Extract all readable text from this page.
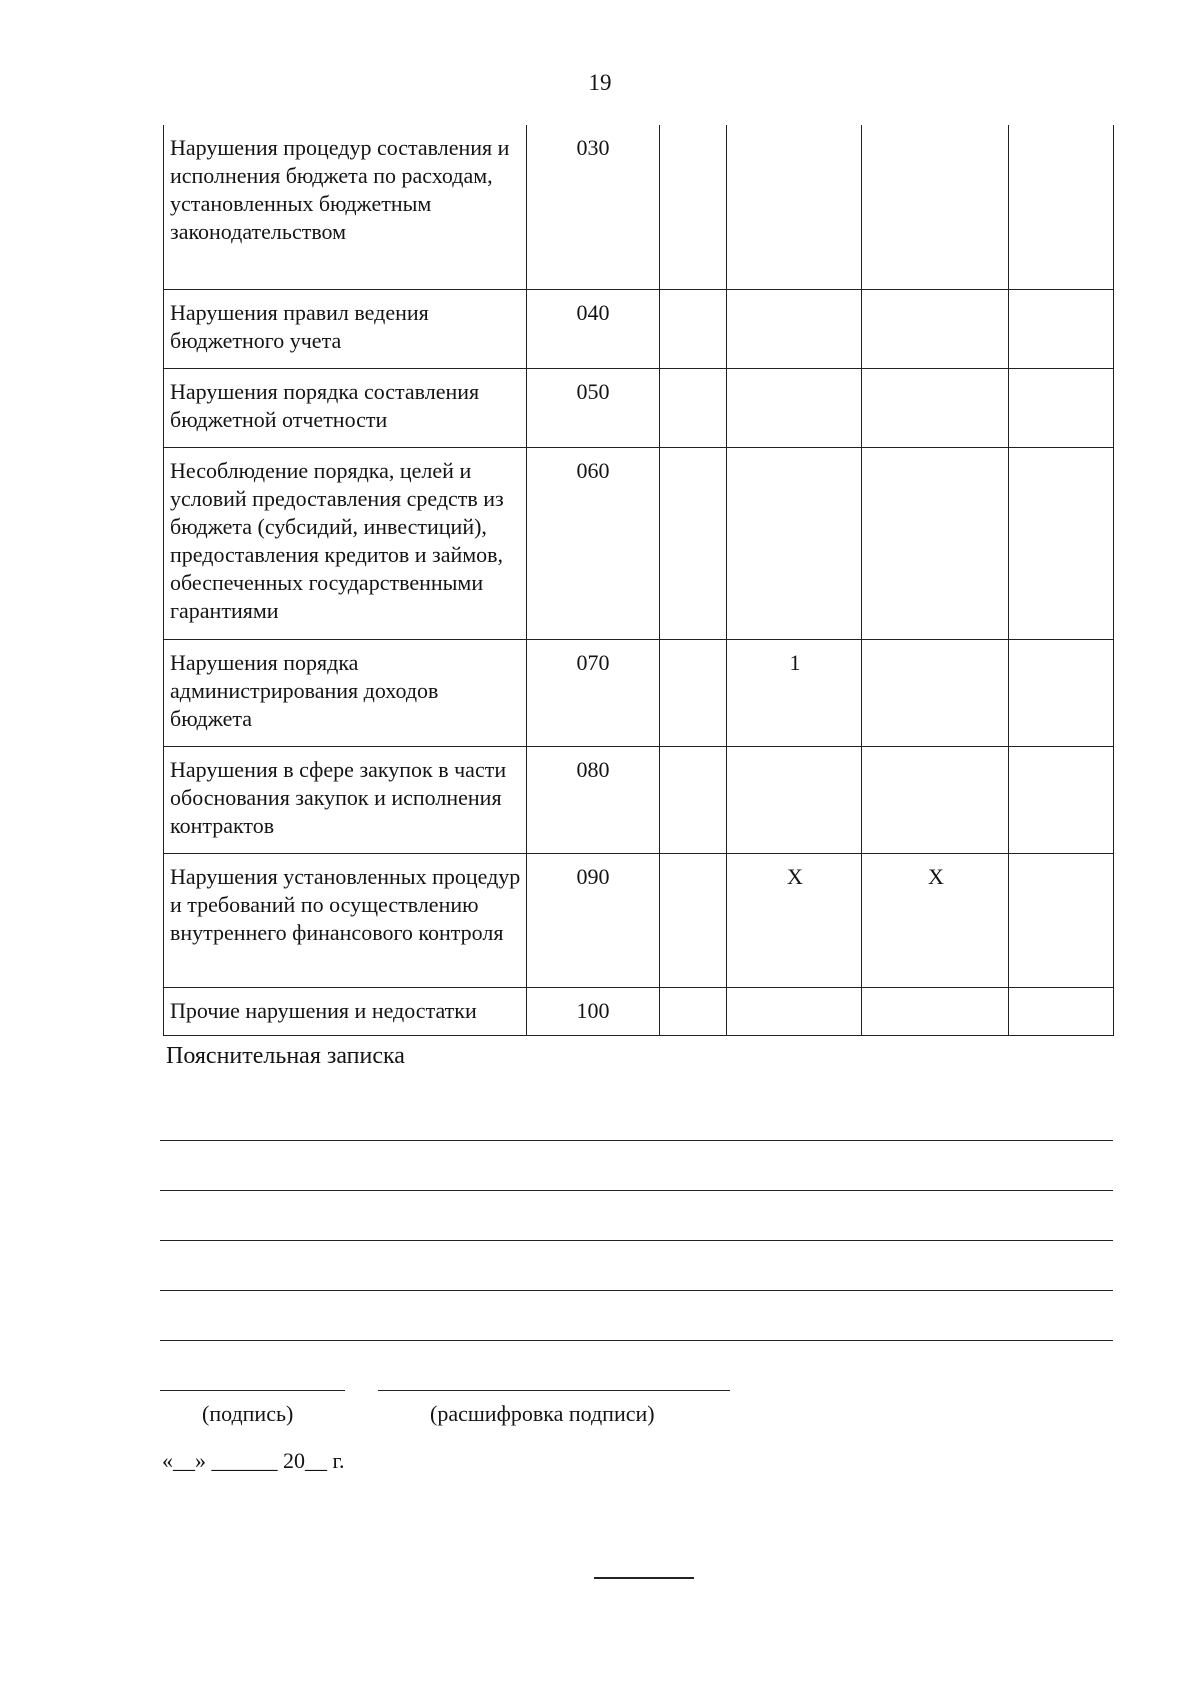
19
Нарушения процедур составления и исполнения бюджета по расходам, установленных бюджетным законодательством	030				
Нарушения правил ведения бюджетного учета	040				
Нарушения порядка составления бюджетной отчетности	050				
Несоблюдение порядка, целей и условий предоставления средств из бюджета (субсидий, инвестиций), предоставления кредитов и займов, обеспеченных государственными гарантиями	060				
Нарушения порядка администрирования доходов бюджета	070		1		
Нарушения в сфере закупок в части обоснования закупок и исполнения контрактов	080				
Нарушения установленных процедур и требований по осуществлению внутреннего финансового контроля	090		X	X	
Прочие нарушения и недостатки	100				
Пояснительная записка
(подпись)	(расшифровка подписи)
«__» ______ 20__ г.
